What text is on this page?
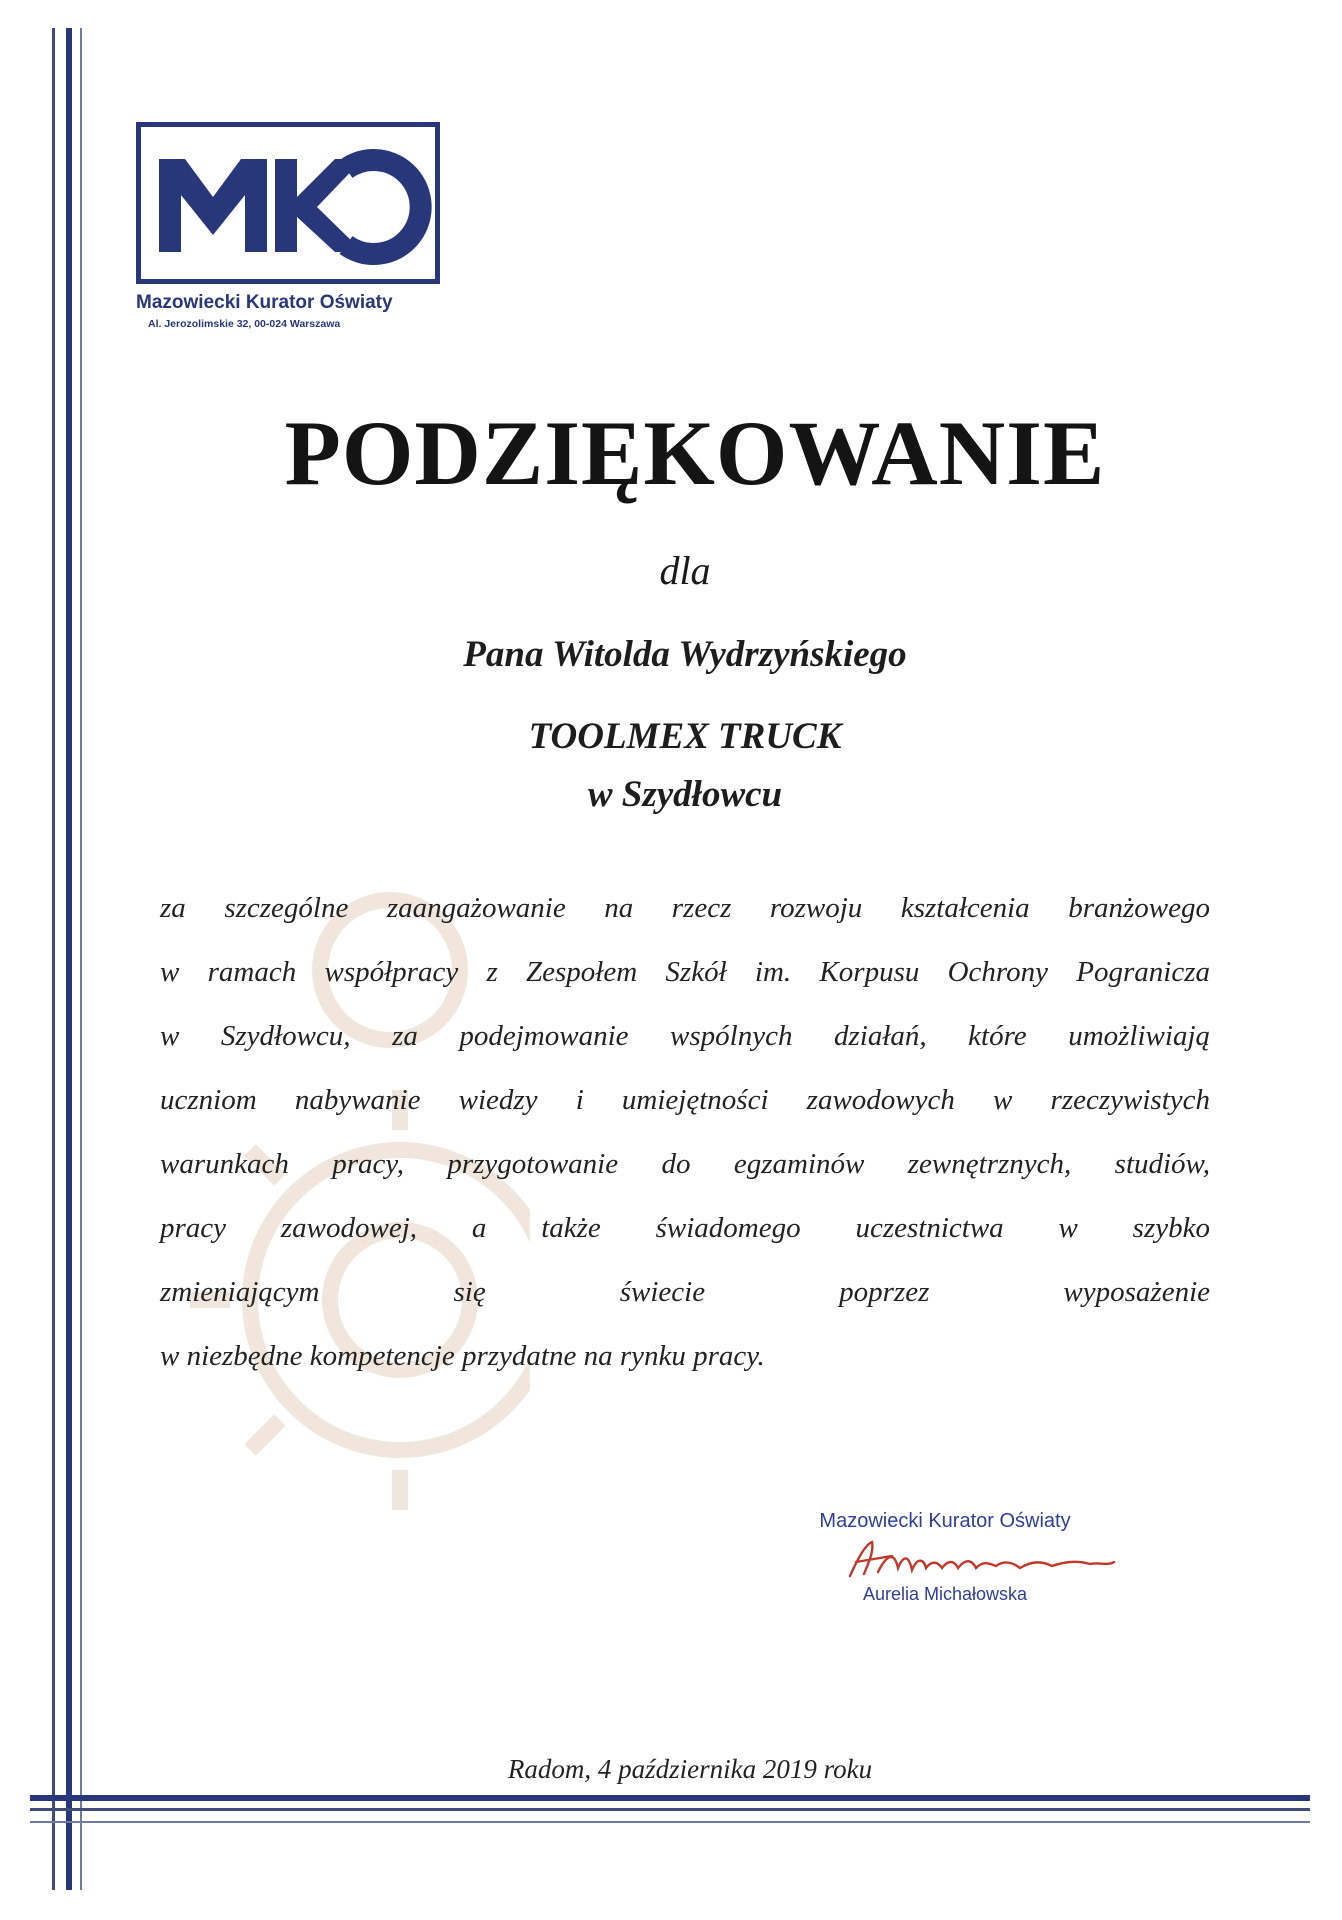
Mazowiecki Kurator Oświaty
Al. Jerozolimskie 32, 00-024 Warszawa
PODZIĘKOWANIE
dla
Pana Witolda Wydrzyńskiego
TOOLMEX TRUCK
w Szydłowcu
za szczególne zaangażowanie na rzecz rozwoju kształcenia branżowego
w ramach współpracy z Zespołem Szkół im. Korpusu Ochrony Pogranicza
w Szydłowcu, za podejmowanie wspólnych działań, które umożliwiają
uczniom nabywanie wiedzy i umiejętności zawodowych w rzeczywistych
warunkach pracy, przygotowanie do egzaminów zewnętrznych, studiów,
pracy zawodowej, a także świadomego uczestnictwa w szybko
zmieniającym się świecie poprzez wyposażenie
w niezbędne kompetencje przydatne na rynku pracy.
Mazowiecki Kurator Oświaty
Aurelia Michałowska
Radom, 4 października 2019 roku
